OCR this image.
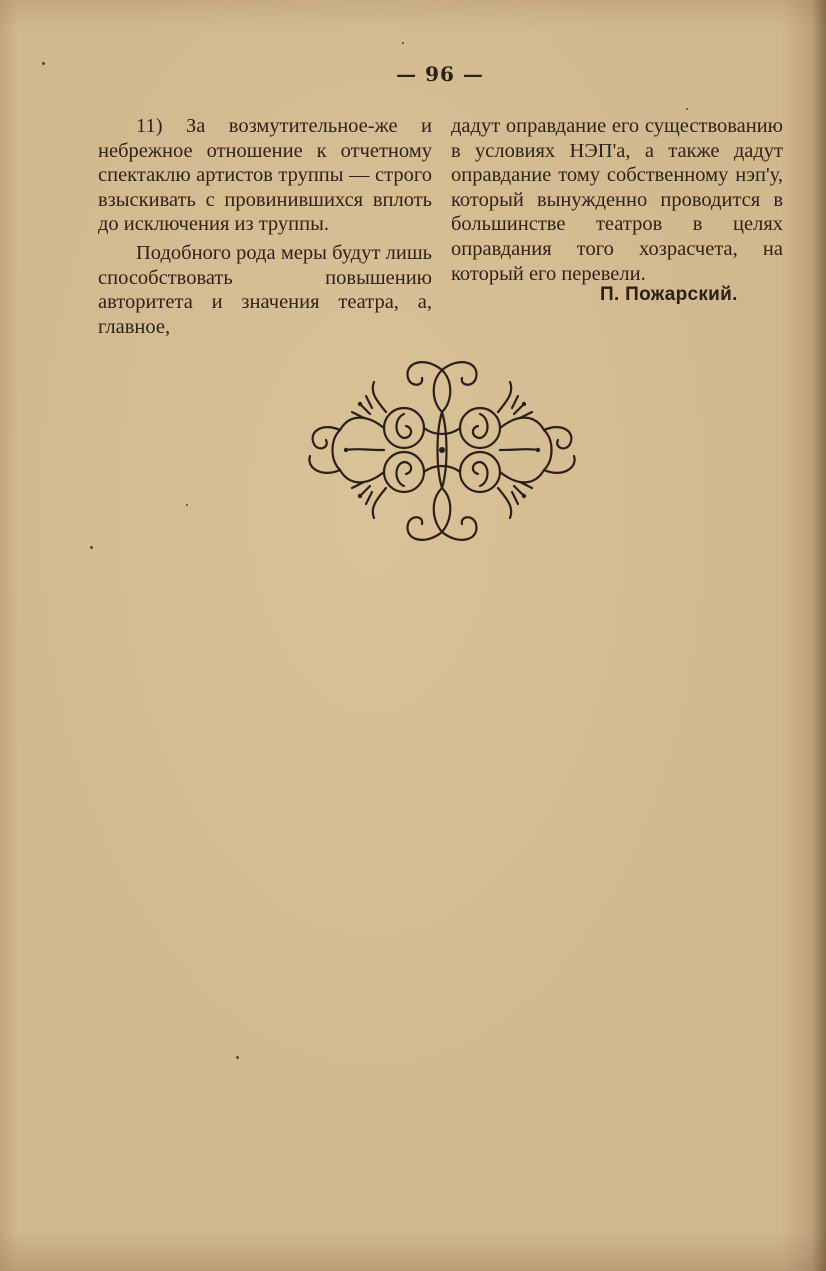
— 96 —

11) За возмутительное-же и небрежное отношение к отчетному спектаклю артистов труппы — строго взыскивать с провинившихся вплоть до исключения из труппы.

Подобного рода меры будут лишь способствовать повышению авторитета и значения театра, а, главное,

дадут оправдание его существованию в условиях НЭП'а, а также дадут оправдание тому собственному нэп'у, который вынужденно проводится в большинстве театров в целях оправдания того хозрасчета, на который его перевели.

П. Пожарский.
